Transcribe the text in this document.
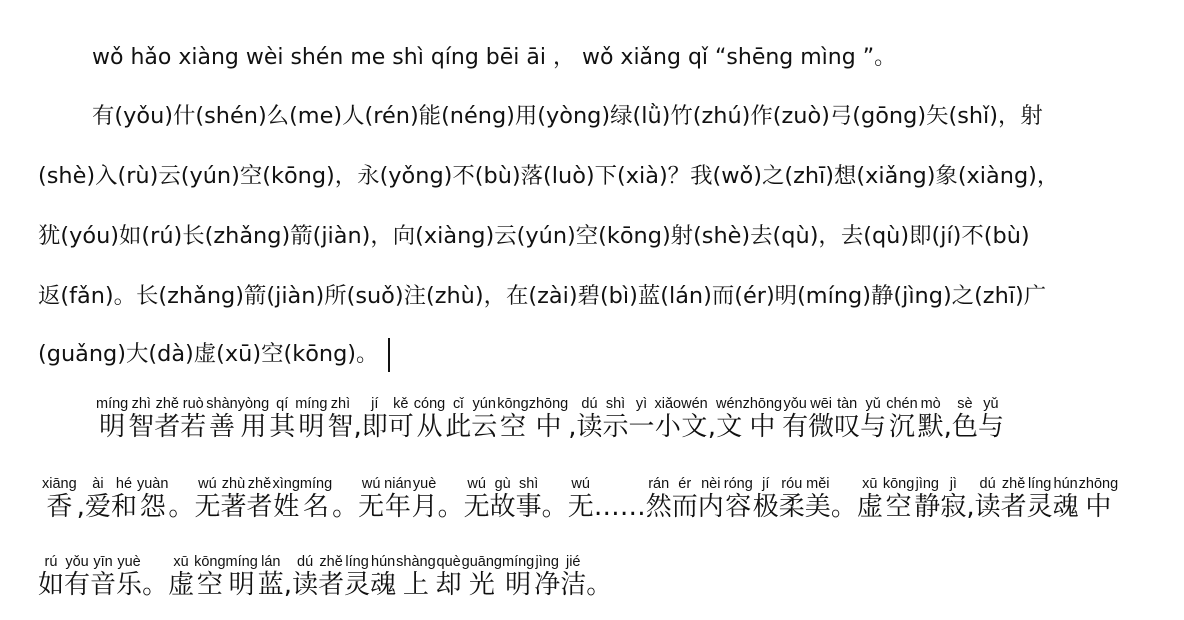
wǒ hǎo xiàng wèi shén me shì qíng bēi āi ， wǒ xiǎng qǐ “shēng mìng ”。
有(yǒu)什(shén)么(me)人(rén)能(néng)用(yòng)绿(lǜ)竹(zhú)作(zuò)弓(gōng)矢(shǐ)，射
(shè)入(rù)云(yún)空(kōng)，永(yǒng)不(bù)落(luò)下(xià)？我(wǒ)之(zhī)想(xiǎng)象(xiàng)，
犹(yóu)如(rú)长(zhǎng)箭(jiàn)，向(xiàng)云(yún)空(kōng)射(shè)去(qù)，去(qù)即(jí)不(bù)
返(fǎn)。长(zhǎng)箭(jiàn)所(suǒ)注(zhù)，在(zài)碧(bì)蓝(lán)而(ér)明(míng)静(jìng)之(zhī)广
(guǎng)大(dà)虚(xū)空(kōng)。
明míng智zhì者zhě若ruò善shàn用yòng其qí明míng智zhì,即jí可kě从cóng此cǐ云yún空kōng中zhōng,读dú示shì一yì小xiǎo文wén,文wén中zhōng有yǒu微wēi叹tàn与yǔ沉chén默mò,色sè与yǔ
香xiāng,爱ài和hé怨yuàn。无wú著zhù者zhě姓xìng名míng。无wú年nián月yuè。无wú故gù事shì。无wú……然rán而ér内nèi容róng极jí柔róu美měi。虚xū空kōng静jìng寂jì,读dú者zhě灵líng魂hún中zhōng
如rú有yǒu音yīn乐yuè。虚xū空kōng明míng蓝lán,读dú者zhě灵líng魂hún上shàng却què光guāng明míng净jìng洁jié。
